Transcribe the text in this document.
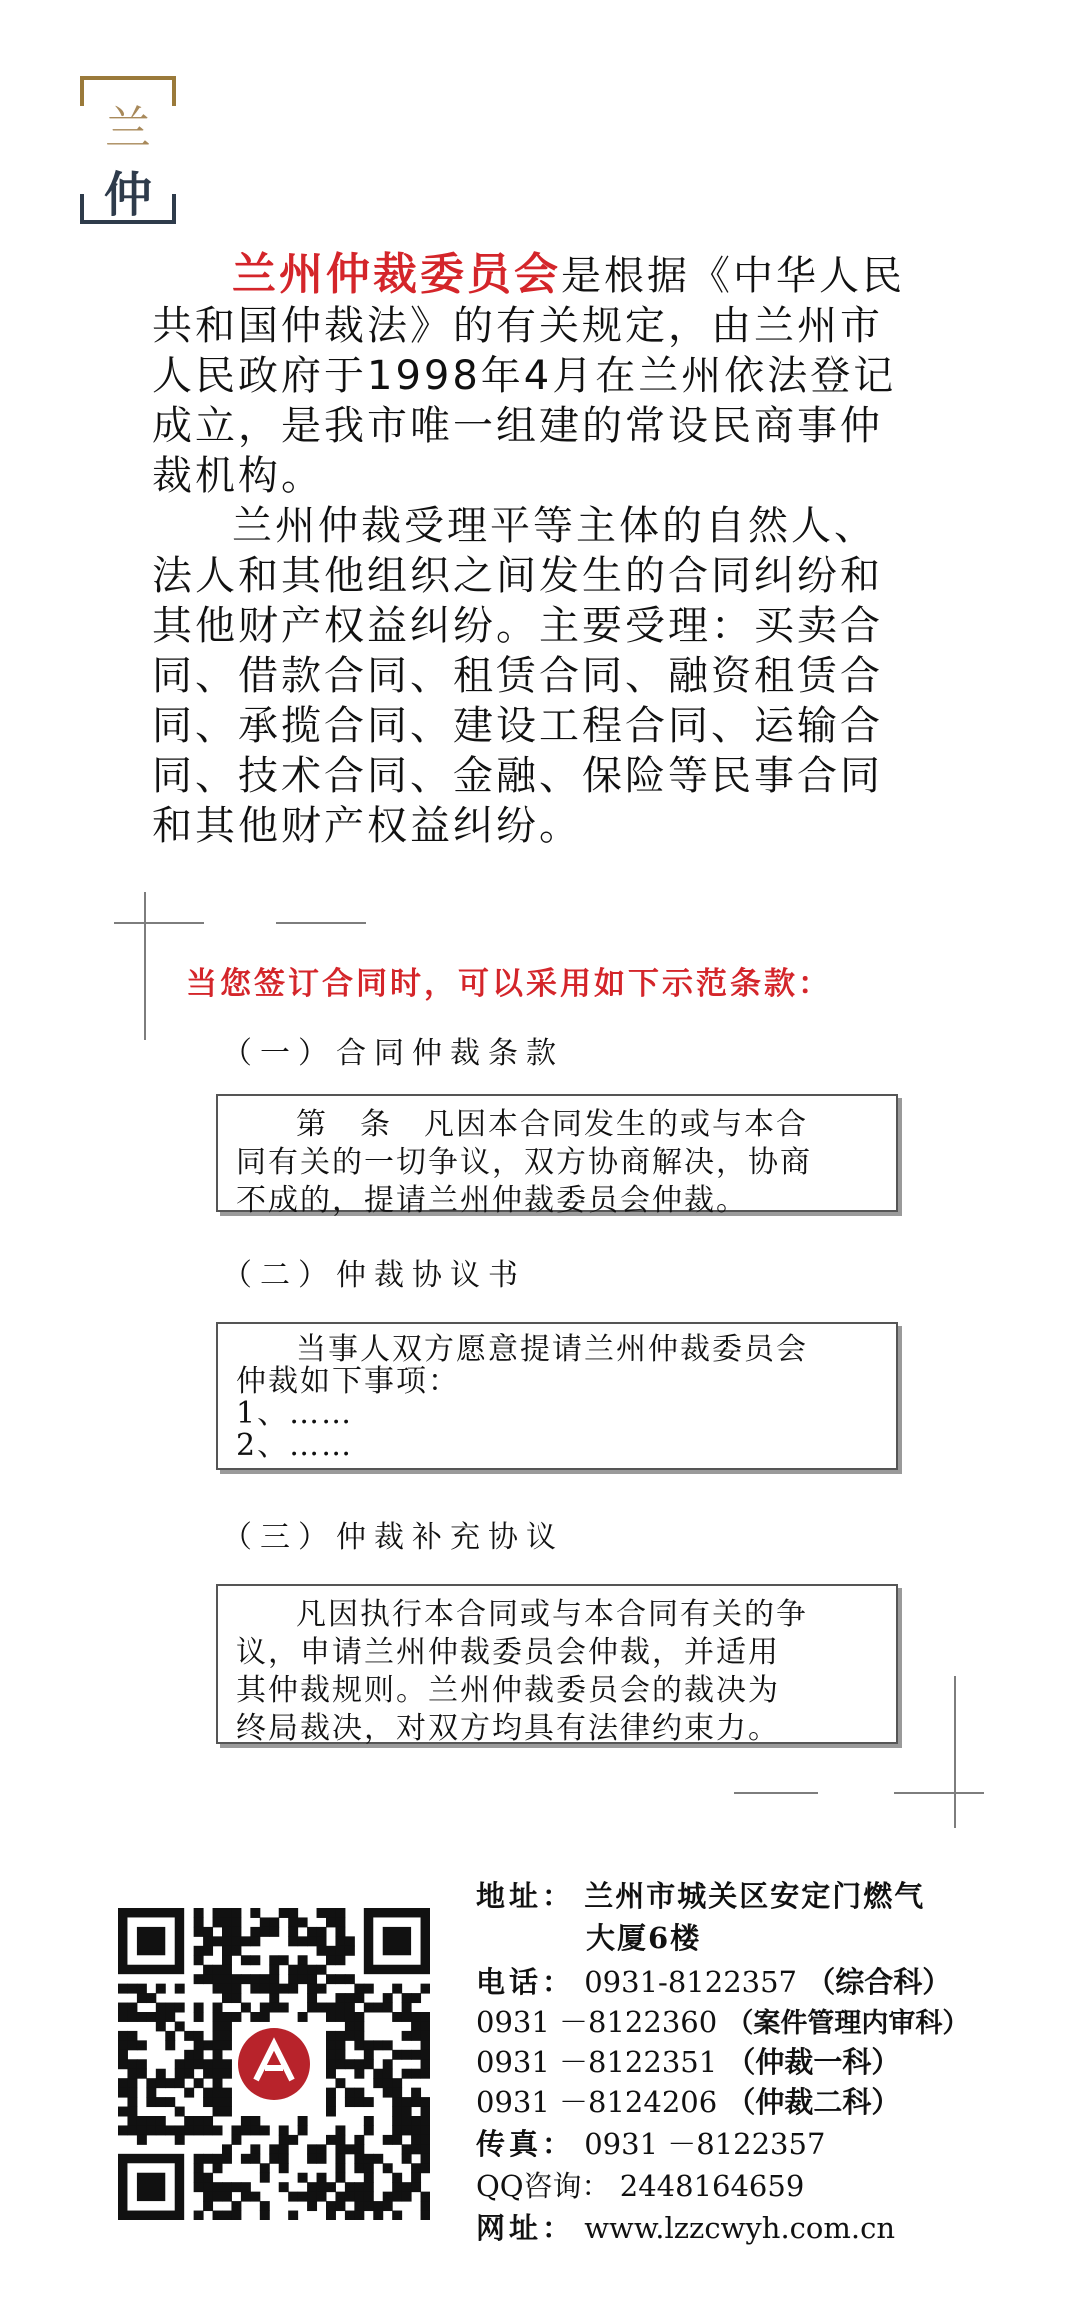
兰
仲

兰州仲裁委员会是根据《中华人民共和国仲裁法》的有关规定，由兰州市人民政府于1998年4月在兰州依法登记成立，是我市唯一组建的常设民商事仲裁机构。

兰州仲裁受理平等主体的自然人、法人和其他组织之间发生的合同纠纷和其他财产权益纠纷。主要受理：买卖合同、借款合同、租赁合同、融资租赁合同、承揽合同、建设工程合同、运输合同、技术合同、金融、保险等民事合同和其他财产权益纠纷。

当您签订合同时，可以采用如下示范条款：
（一）合同仲裁条款

第　条　凡因本合同发生的或与本合

同有关的一切争议，双方协商解决，协商

不成的，提请兰州仲裁委员会仲裁。

（二）仲裁协议书

当事人双方愿意提请兰州仲裁委员会

仲裁如下事项：

1、……

2、……

（三）仲裁补充协议

凡因执行本合同或与本合同有关的争

议，申请兰州仲裁委员会仲裁，并适用

其仲裁规则。兰州仲裁委员会的裁决为

终局裁决，对双方均具有法律约束力。

地址： 兰州市城关区安定门燃气
大厦6楼
电话： 0931-8122357 （综合科）
0931 －8122360 （案件管理内审科）
0931 －8122351 （仲裁一科）
0931 －8124206 （仲裁二科）
传真： 0931 －8122357
QQ咨询： 2448164659
网址： www.lzzcwyh.com.cn
